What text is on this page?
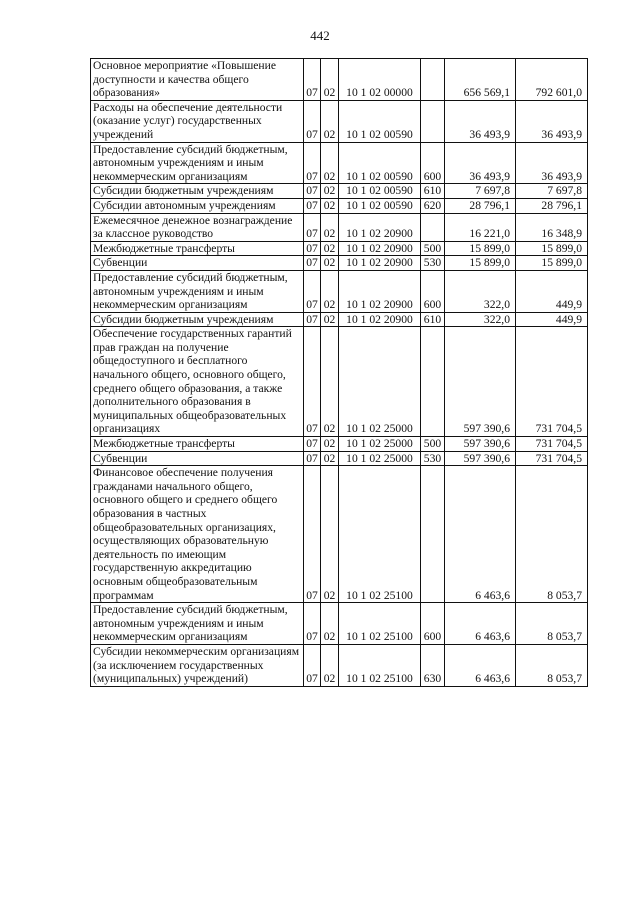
442
Основное мероприятие «Повышение доступности и качества общего образования»	07	02	10 1 02 00000		656 569,1	792 601,0
Расходы на обеспечение деятельности (оказание услуг) государственных учреждений	07	02	10 1 02 00590		36 493,9	36 493,9
Предоставление субсидий бюджетным, автономным учреждениям и иным некоммерческим организациям	07	02	10 1 02 00590	600	36 493,9	36 493,9
Субсидии бюджетным учреждениям	07	02	10 1 02 00590	610	7 697,8	7 697,8
Субсидии автономным учреждениям	07	02	10 1 02 00590	620	28 796,1	28 796,1
Ежемесячное денежное вознаграждение за классное руководство	07	02	10 1 02 20900		16 221,0	16 348,9
Межбюджетные трансферты	07	02	10 1 02 20900	500	15 899,0	15 899,0
Субвенции	07	02	10 1 02 20900	530	15 899,0	15 899,0
Предоставление субсидий бюджетным, автономным учреждениям и иным некоммерческим организациям	07	02	10 1 02 20900	600	322,0	449,9
Субсидии бюджетным учреждениям	07	02	10 1 02 20900	610	322,0	449,9
Обеспечение государственных гарантий прав граждан на получение общедоступного и бесплатного начального общего, основного общего, среднего общего образования, а также дополнительного образования в муниципальных общеобразовательных организациях	07	02	10 1 02 25000		597 390,6	731 704,5
Межбюджетные трансферты	07	02	10 1 02 25000	500	597 390,6	731 704,5
Субвенции	07	02	10 1 02 25000	530	597 390,6	731 704,5
Финансовое обеспечение получения гражданами начального общего, основного общего и среднего общего образования в частных общеобразовательных организациях, осуществляющих образовательную деятельность по имеющим государственную аккредитацию основным общеобразовательным программам	07	02	10 1 02 25100		6 463,6	8 053,7
Предоставление субсидий бюджетным, автономным учреждениям и иным некоммерческим организациям	07	02	10 1 02 25100	600	6 463,6	8 053,7
Субсидии некоммерческим организациям (за исключением государственных (муниципальных) учреждений)	07	02	10 1 02 25100	630	6 463,6	8 053,7
